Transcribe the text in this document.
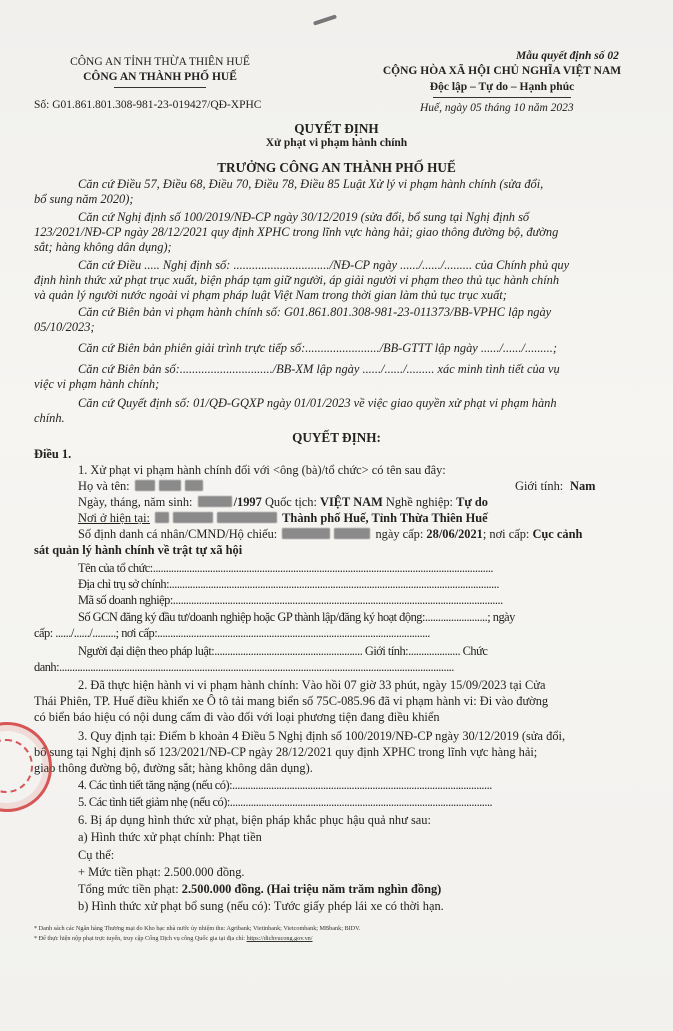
CÔNG AN TỈNH THỪA THIÊN HUẾ
CÔNG AN THÀNH PHỐ HUẾ
Mẫu quyết định số 02
CỘNG HÒA XÃ HỘI CHỦ NGHĨA VIỆT NAM
Độc lập – Tự do – Hạnh phúc
Số: G01.861.801.308-981-23-019427/QĐ-XPHC	Huế, ngày 05 tháng 10 năm 2023
QUYẾT ĐỊNH
Xử phạt vi phạm hành chính
TRƯỞNG CÔNG AN THÀNH PHỐ HUẾ
Căn cứ Điều 57, Điều 68, Điều 70, Điều 78, Điều 85 Luật Xử lý vi phạm hành chính (sửa đổi,
bổ sung năm 2020);
Căn cứ Nghị định số 100/2019/NĐ-CP ngày 30/12/2019 (sửa đổi, bổ sung tại Nghị định số
123/2021/NĐ-CP ngày 28/12/2021 quy định XPHC trong lĩnh vực hàng hải; giao thông đường bộ, đường
sắt; hàng không dân dụng);
Căn cứ Điều ..... Nghị định số: .............................../NĐ-CP ngày ....../....../......... của Chính phủ quy
định hình thức xử phạt trục xuất, biện pháp tạm giữ người, áp giải người vi phạm theo thủ tục hành chính
và quản lý người nước ngoài vi phạm pháp luật Việt Nam trong thời gian làm thủ tục trục xuất;
Căn cứ Biên bản vi phạm hành chính số: G01.861.801.308-981-23-011373/BB-VPHC lập ngày
05/10/2023;
Căn cứ Biên bản phiên giải trình trực tiếp số:......................../BB-GTTT lập ngày ....../....../.........;
Căn cứ Biên bản số:............................../BB-XM lập ngày ....../....../......... xác minh tình tiết của vụ
việc vi phạm hành chính;
Căn cứ Quyết định số: 01/QĐ-GQXP ngày 01/01/2023 về việc giao quyền xử phạt vi phạm hành
chính.
QUYẾT ĐỊNH:
Điều 1.
1. Xử phạt vi phạm hành chính đối với <ông (bà)/tổ chức> có tên sau đây:
Họ và tên:	Giới tính: Nam
Ngày, tháng, năm sinh:	/1997 Quốc tịch: VIỆT NAM Nghề nghiệp: Tự do
Nơi ở hiện tại:	Thành phố Huế, Tỉnh Thừa Thiên Huế
Số định danh cá nhân/CMND/Hộ chiếu:	ngày cấp: 28/06/2021; nơi cấp: Cục cảnh
sát quản lý hành chính về trật tự xã hội
Tên của tổ chức:...................................................................................................................................
Địa chỉ trụ sở chính:...............................................................................................................................
Mã số doanh nghiệp:...............................................................................................................................
Số GCN đăng ký đầu tư/doanh nghiệp hoặc GP thành lập/đăng ký hoạt động:........................; ngày
cấp: ....../....../.........; nơi cấp:.........................................................................................................
Người đại diện theo pháp luật:......................................................... Giới tính:.................... Chức
danh:........................................................................................................................................................
2. Đã thực hiện hành vi vi phạm hành chính: Vào hồi 07 giờ 33 phút, ngày 15/09/2023 tại Cửa
Thái Phiên, TP. Huế điều khiển xe Ô tô tải mang biển số 75C-085.96 đã vi phạm hành vi: Đi vào đường
có biển báo hiệu có nội dung cấm đi vào đối với loại phương tiện đang điều khiển
3. Quy định tại: Điểm b khoản 4 Điều 5 Nghị định số 100/2019/NĐ-CP ngày 30/12/2019 (sửa đổi,
bổ sung tại Nghị định số 123/2021/NĐ-CP ngày 28/12/2021 quy định XPHC trong lĩnh vực hàng hải;
giao thông đường bộ, đường sắt; hàng không dân dụng).
4. Các tình tiết tăng nặng (nếu có):....................................................................................................
5. Các tình tiết giảm nhẹ (nếu có):.....................................................................................................
6. Bị áp dụng hình thức xử phạt, biện pháp khắc phục hậu quả như sau:
a) Hình thức xử phạt chính: Phạt tiền
Cụ thể:
+ Mức tiền phạt: 2.500.000 đồng.
Tổng mức tiền phạt: 2.500.000 đồng. (Hai triệu năm trăm nghìn đồng)
b) Hình thức xử phạt bổ sung (nếu có): Tước giấy phép lái xe có thời hạn.
* Danh sách các Ngân hàng Thương mại do Kho bạc nhà nước ủy nhiệm thu: Agribank; Vietinbank; Vietcombank; MBbank; BIDV.
* Để thực hiện nộp phạt trực tuyến, truy cập Cổng Dịch vụ công Quốc gia tại địa chỉ: https://dichvucong.gov.vn/
